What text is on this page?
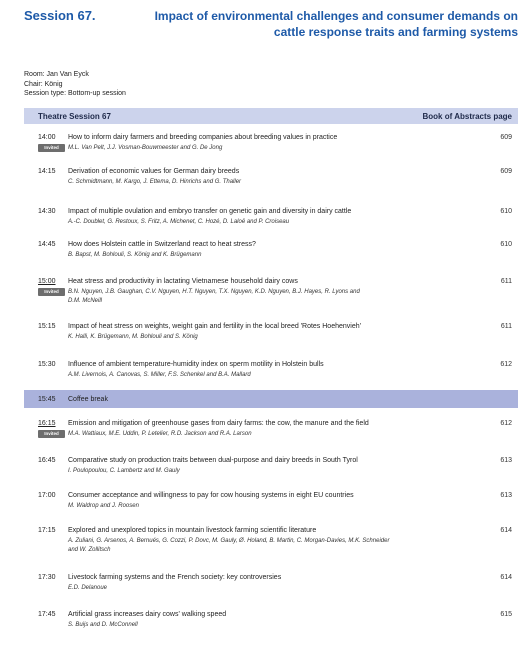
Session 67.	Impact of environmental challenges and consumer demands on cattle response traits and farming systems
Room: Jan Van Eyck
Chair: König
Session type: Bottom-up session
Theatre Session 67	Book of Abstracts page
14:00
Invited
How to inform dairy farmers and breeding companies about breeding values in practice
M.L. Van Pelt, J.J. Vosman-Bouwmeester and G. De Jong
609
14:15	Derivation of economic values for German dairy breeds
C. Schmidtmann, M. Kargo, J. Ettema, D. Hinrichs and G. Thaller
609
14:30	Impact of multiple ovulation and embryo transfer on genetic gain and diversity in dairy cattle
A.-C. Doublet, G. Restoux, S. Fritz, A. Michenet, C. Hozé, D. Laloë and P. Croiseau
610
14:45	How does Holstein cattle in Switzerland react to heat stress?
B. Bapst, M. Bohlouli, S. König and K. Brügemann
610
15:00
Invited
Heat stress and productivity in lactating Vietnamese household dairy cows
B.N. Nguyen, J.B. Gaughan, C.V. Nguyen, H.T. Nguyen, T.X. Nguyen, K.D. Nguyen, B.J. Hayes, R. Lyons and
D.M. McNeill
611
15:15	Impact of heat stress on weights, weight gain and fertility in the local breed 'Rotes Hoehenvieh'
K. Halli, K. Brügemann, M. Bohlouli and S. König
611
15:30	Influence of ambient temperature-humidity index on sperm motility in Holstein bulls
A.M. Livernois, A. Canovas, S. Miller, F.S. Schenkel and B.A. Mallard
612
15:45	Coffee break
16:15
Invited
Emission and mitigation of greenhouse gases from dairy farms: the cow, the manure and the field
M.A. Wattiaux, M.E. Uddin, P. Letelier, R.D. Jackson and R.A. Larson
612
16:45	Comparative study on production traits between dual-purpose and dairy breeds in South Tyrol
I. Poulopoulou, C. Lambertz and M. Gauly
613
17:00	Consumer acceptance and willingness to pay for cow housing systems in eight EU countries
M. Waldrop and J. Roosen
613
17:15	Explored and unexplored topics in mountain livestock farming scientific literature
A. Zuliani, G. Arsenos, A. Bernués, G. Cozzi, P. Dovc, M. Gauly, Ø. Holand, B. Martin, C. Morgan-Davies, M.K. Schneider
and W. Zollitsch
614
17:30	Livestock farming systems and the French society: key controversies
E.D. Delanoue
614
17:45	Artificial grass increases dairy cows' walking speed
S. Buijs and D. McConnell
615
